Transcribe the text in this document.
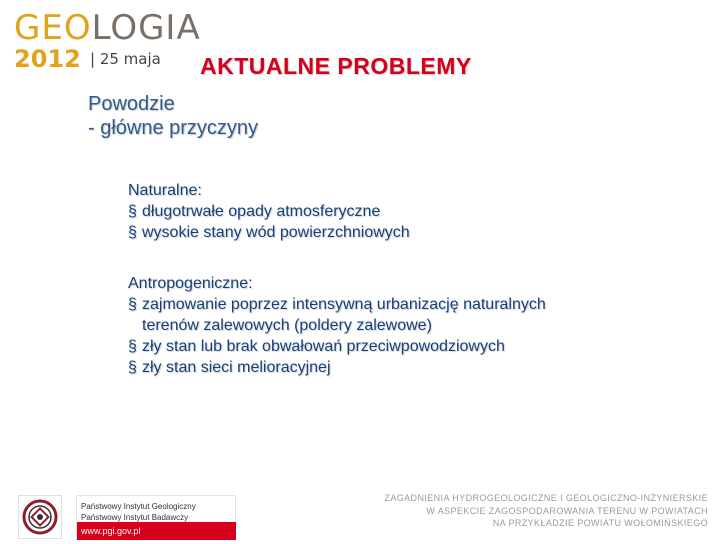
GEOLOGIA
2012 | 25 maja AKTUALNE PROBLEMY
Powodzie
- główne przyczyny
Naturalne:
§ długotrwałe opady atmosferyczne
§ wysokie stany wód powierzchniowych
Antropogeniczne:
§ zajmowanie poprzez intensywną urbanizację naturalnych
terenów zalewowych (poldery zalewowe)
§ zły stan lub brak obwałowań przeciwpowodziowych
§ zły stan sieci melioracyjnej
Państwowy Instytut Geologiczny
Państwowy Instytut Badawczy
www.pgi.gov.pl
ZAGADNIENIA HYDROGEOLOGICZNE I GEOLOGICZNO-INŻYNIERSKIE
W ASPEKCIE ZAGOSPODAROWANIA TERENU W POWIATACH
NA PRZYKŁADZIE POWIATU WOŁOMIŃSKIEGO
